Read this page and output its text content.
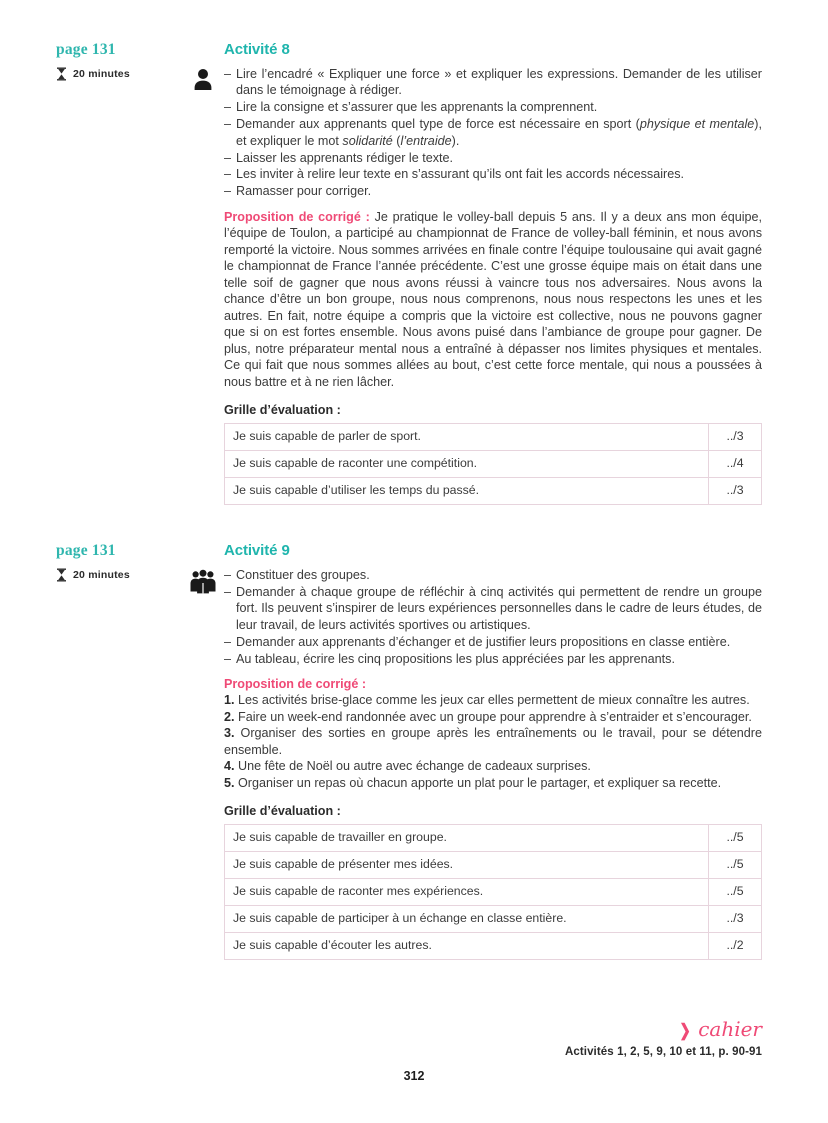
page 131
20 minutes
Activité 8
– Lire l’encadré « Expliquer une force » et expliquer les expressions. Demander de les utiliser dans le témoignage à rédiger.
– Lire la consigne et s’assurer que les apprenants la comprennent.
– Demander aux apprenants quel type de force est nécessaire en sport (physique et mentale), et expliquer le mot solidarité (l’entraide).
– Laisser les apprenants rédiger le texte.
– Les inviter à relire leur texte en s’assurant qu’ils ont fait les accords nécessaires.
– Ramasser pour corriger.

Proposition de corrigé : Je pratique le volley-ball depuis 5 ans. Il y a deux ans mon équipe, l’équipe de Toulon, a participé au championnat de France de volley-ball féminin, et nous avons remporté la victoire. Nous sommes arrivées en finale contre l’équipe toulousaine qui avait gagné le championnat de France l’année précédente. C’est une grosse équipe mais on était dans une telle soif de gagner que nous avons réussi à vaincre tous nos adversaires. Nous avons la chance d’être un bon groupe, nous nous comprenons, nous nous respectons les unes et les autres. En fait, notre équipe a compris que la victoire est collective, nous ne pouvons gagner que si on est fortes ensemble. Nous avons puisé dans l’ambiance de groupe pour gagner. De plus, notre préparateur mental nous a entraîné à dépasser nos limites physiques et mentales. Ce qui fait que nous sommes allées au bout, c’est cette force mentale, qui nous a poussées à nous battre et à ne rien lâcher.

Grille d’évaluation :
Je suis capable de parler de sport.	../3
Je suis capable de raconter une compétition.	../4
Je suis capable d’utiliser les temps du passé.	../3
page 131
20 minutes
Activité 9
– Constituer des groupes.
– Demander à chaque groupe de réfléchir à cinq activités qui permettent de rendre un groupe fort. Ils peuvent s’inspirer de leurs expériences personnelles dans le cadre de leurs études, de leur travail, de leurs activités sportives ou artistiques.
– Demander aux apprenants d’échanger et de justifier leurs propositions en classe entière.
– Au tableau, écrire les cinq propositions les plus appréciées par les apprenants.
Proposition de corrigé :
1. Les activités brise-glace comme les jeux car elles permettent de mieux connaître les autres.
2. Faire un week-end randonnée avec un groupe pour apprendre à s’entraider et s’encourager.
3. Organiser des sorties en groupe après les entraînements ou le travail, pour se détendre ensemble.
4. Une fête de Noël ou autre avec échange de cadeaux surprises.
5. Organiser un repas où chacun apporte un plat pour le partager, et expliquer sa recette.
Grille d’évaluation :
Je suis capable de travailler en groupe.	../5
Je suis capable de présenter mes idées.	../5
Je suis capable de raconter mes expériences.	../5
Je suis capable de participer à un échange en classe entière.	../3
Je suis capable d’écouter les autres.	../2
❯ cahier
Activités 1, 2, 5, 9, 10 et 11, p. 90-91
312
